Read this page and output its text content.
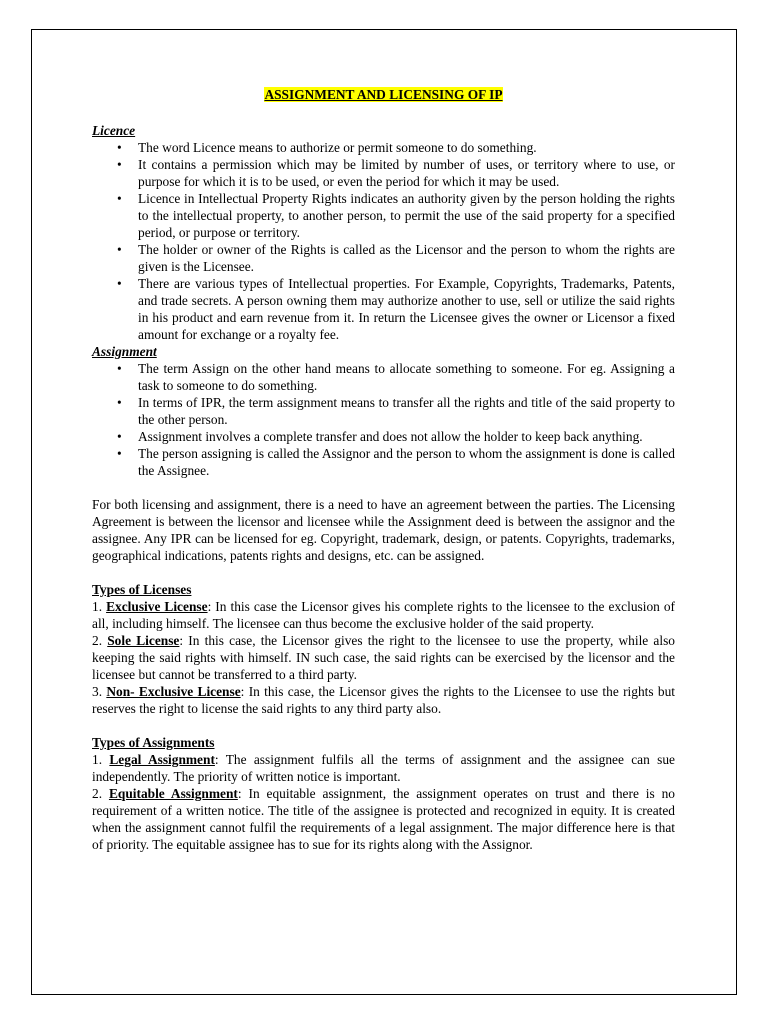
ASSIGNMENT AND LICENSING OF IP
Licence
• The word Licence means to authorize or permit someone to do something.
• It contains a permission which may be limited by number of uses, or territory where to use, or purpose for which it is to be used, or even the period for which it may be used.
• Licence in Intellectual Property Rights indicates an authority given by the person holding the rights to the intellectual property, to another person, to permit the use of the said property for a specified period, or purpose or territory.
• The holder or owner of the Rights is called as the Licensor and the person to whom the rights are given is the Licensee.
• There are various types of Intellectual properties. For Example, Copyrights, Trademarks, Patents, and trade secrets. A person owning them may authorize another to use, sell or utilize the said rights in his product and earn revenue from it. In return the Licensee gives the owner or Licensor a fixed amount for exchange or a royalty fee.
Assignment
• The term Assign on the other hand means to allocate something to someone. For eg. Assigning a task to someone to do something.
• In terms of IPR, the term assignment means to transfer all the rights and title of the said property to the other person.
• Assignment involves a complete transfer and does not allow the holder to keep back anything.
• The person assigning is called the Assignor and the person to whom the assignment is done is called the Assignee.

For both licensing and assignment, there is a need to have an agreement between the parties. The Licensing Agreement is between the licensor and licensee while the Assignment deed is between the assignor and the assignee. Any IPR can be licensed for eg. Copyright, trademark, design, or patents. Copyrights, trademarks, geographical indications, patents rights and designs, etc. can be assigned.

Types of Licenses

1. Exclusive License: In this case the Licensor gives his complete rights to the licensee to the exclusion of all, including himself. The licensee can thus become the exclusive holder of the said property.

2. Sole License: In this case, the Licensor gives the right to the licensee to use the property, while also keeping the said rights with himself. IN such case, the said rights can be exercised by the licensor and the licensee but cannot be transferred to a third party.

3. Non- Exclusive License: In this case, the Licensor gives the rights to the Licensee to use the rights but reserves the right to license the said rights to any third party also.

Types of Assignments

1. Legal Assignment: The assignment fulfils all the terms of assignment and the assignee can sue independently. The priority of written notice is important.

2. Equitable Assignment: In equitable assignment, the assignment operates on trust and there is no requirement of a written notice. The title of the assignee is protected and recognized in equity. It is created when the assignment cannot fulfil the requirements of a legal assignment. The major difference here is that of priority. The equitable assignee has to sue for its rights along with the Assignor.
